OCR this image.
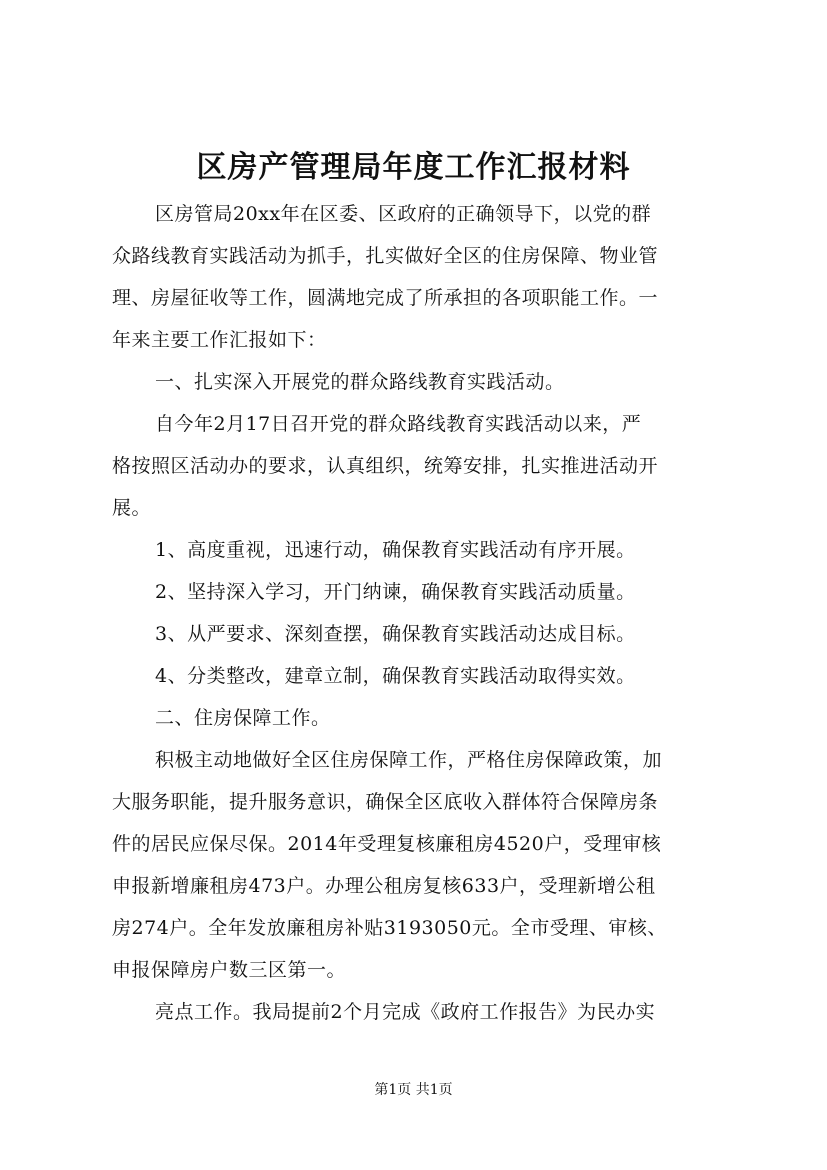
区房产管理局年度工作汇报材料
区房管局20xx年在区委、区政府的正确领导下，以党的群
众路线教育实践活动为抓手，扎实做好全区的住房保障、物业管
理、房屋征收等工作，圆满地完成了所承担的各项职能工作。一
年来主要工作汇报如下：
一、扎实深入开展党的群众路线教育实践活动。
自今年2月17日召开党的群众路线教育实践活动以来，严
格按照区活动办的要求，认真组织，统筹安排，扎实推进活动开
展。
1、高度重视，迅速行动，确保教育实践活动有序开展。
2、坚持深入学习，开门纳谏，确保教育实践活动质量。
3、从严要求、深刻查摆，确保教育实践活动达成目标。
4、分类整改，建章立制，确保教育实践活动取得实效。
二、住房保障工作。
积极主动地做好全区住房保障工作，严格住房保障政策，加
大服务职能，提升服务意识，确保全区底收入群体符合保障房条
件的居民应保尽保。2014年受理复核廉租房4520户，受理审核
申报新增廉租房473户。办理公租房复核633户，受理新增公租
房274户。全年发放廉租房补贴3193050元。全市受理、审核、
申报保障房户数三区第一。
亮点工作。我局提前2个月完成《政府工作报告》为民办实
第1页 共1页
